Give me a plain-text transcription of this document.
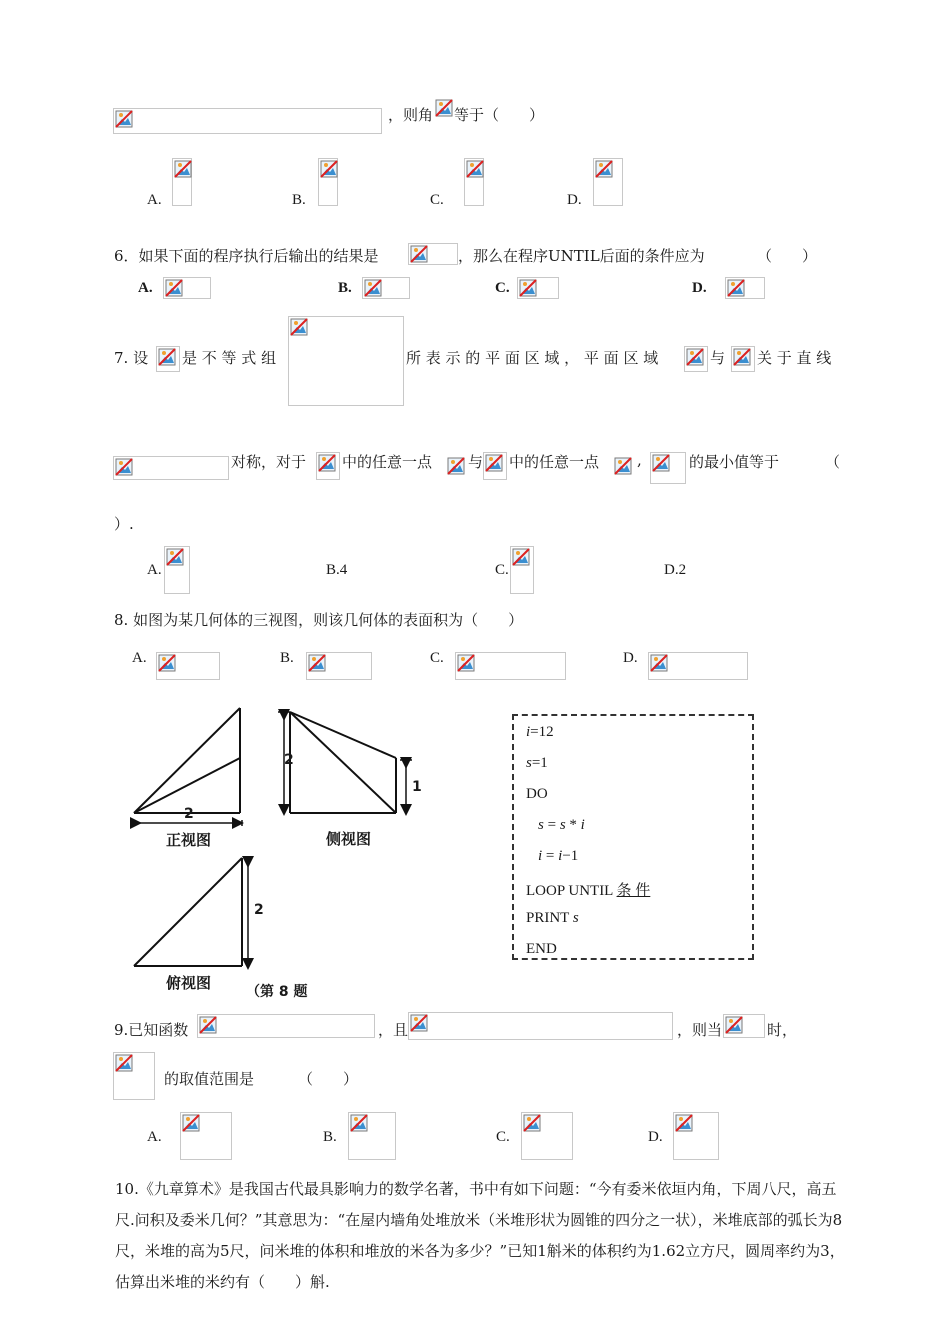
，则角 等于（　　）
A.	B.	C.	D.
6．如果下面的程序执行后输出的结果是	，那么在程序UNTIL后面的条件应为	（　　）
A.	B.	C.	D.
7. 设 是 不 等 式 组	所 表 示 的 平 面 区 域 ， 平 面 区 域	与 关 于 直 线
对称，对于 中的任意一点 与 中的任意一点	,	的最小值等于	（
）.
A.	B.4	C.	D.2
8. 如图为某几何体的三视图，则该几何体的表面积为（　　）
A.	B.	C.	D.
2
2
1
2
正视图	侧视图
俯视图 （第 8 题
i=12
s=1
DO
s = s * i
i = i−1
LOOP UNTIL 条 件
PRINT s
END
9.已知函数	，且	，则当	时，
的取值范围是	（　　）
A.	B.	C.	D.
10.《九章算术》是我国古代最具影响力的数学名著，书中有如下问题：“今有委米依垣内角，下周八尺，高五尺.问积及委米几何？”其意思为：“在屋内墙角处堆放米（米堆形状为圆锥的四分之一状），米堆底部的弧长为8尺，米堆的高为5尺，问米堆的体积和堆放的米各为多少？”已知1斛米的体积约为1.62立方尺，圆周率约为3，估算出米堆的米约有（　　）斛.
